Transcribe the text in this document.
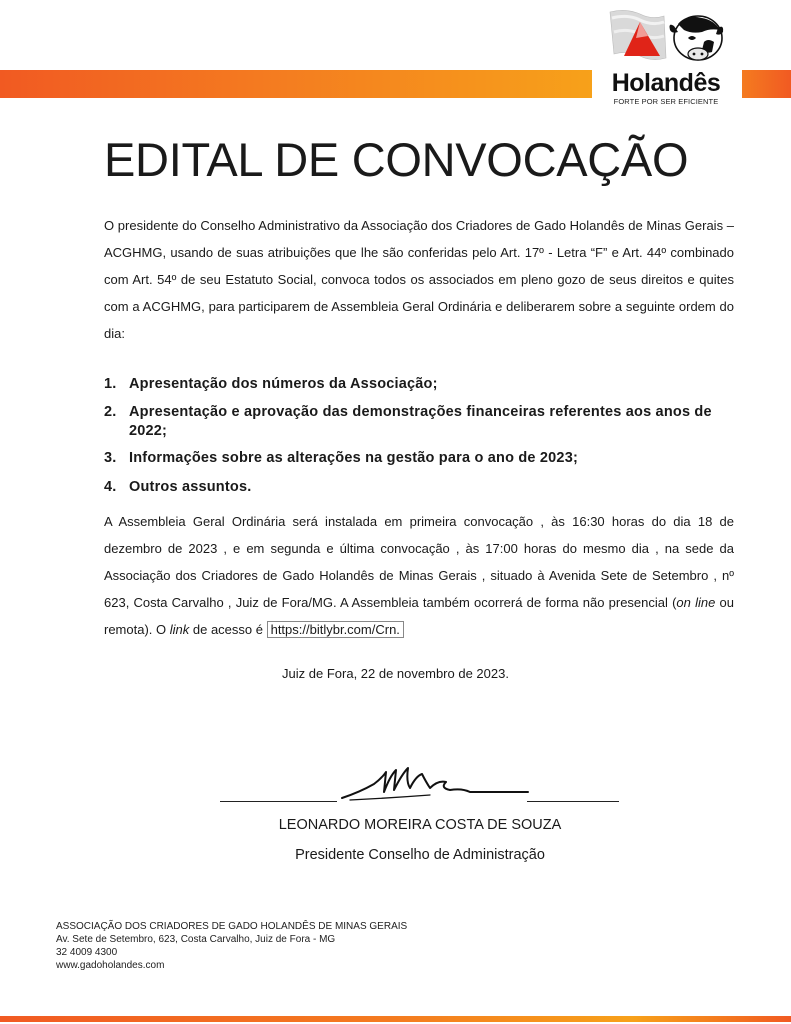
Holandês
FORTE POR SER EFICIENTE
EDITAL DE CONVOCAÇÃO

O presidente do Conselho Administrativo da Associação dos Criadores de Gado Holandês de Minas Gerais – ACGHMG, usando de suas atribuições que lhe são conferidas pelo Art. 17º - Letra “F” e Art. 44º combinado com Art. 54º de seu Estatuto Social, convoca todos os associados em pleno gozo de seus direitos e quites com a ACGHMG, para participarem de Assembleia Geral Ordinária e deliberarem sobre a seguinte ordem do dia:

1. Apresentação dos números da Associação;
2. Apresentação e aprovação das demonstrações financeiras referentes aos anos de 2022;
3. Informações sobre as alterações na gestão para o ano de 2023;
4. Outros assuntos.

A Assembleia Geral Ordinária será instalada em primeira convocação , às 16:30 horas do dia 18 de dezembro de 2023 , e em segunda e última convocação , às 17:00 horas do mesmo dia , na sede da Associação dos Criadores de Gado Holandês de Minas Gerais , situado à Avenida Sete de Setembro , nº 623, Costa Carvalho , Juiz de Fora/MG. A Assembleia também ocorrerá de forma não presencial (on line ou remota). O link de acesso é https://bitlybr.com/Crn.

Juiz de Fora, 22 de novembro de 2023.
LEONARDO MOREIRA COSTA DE SOUZA
Presidente Conselho de Administração
ASSOCIAÇÃO DOS CRIADORES DE GADO HOLANDÊS DE MINAS GERAIS
Av. Sete de Setembro, 623, Costa Carvalho, Juiz de Fora - MG
32 4009 4300
www.gadoholandes.com
